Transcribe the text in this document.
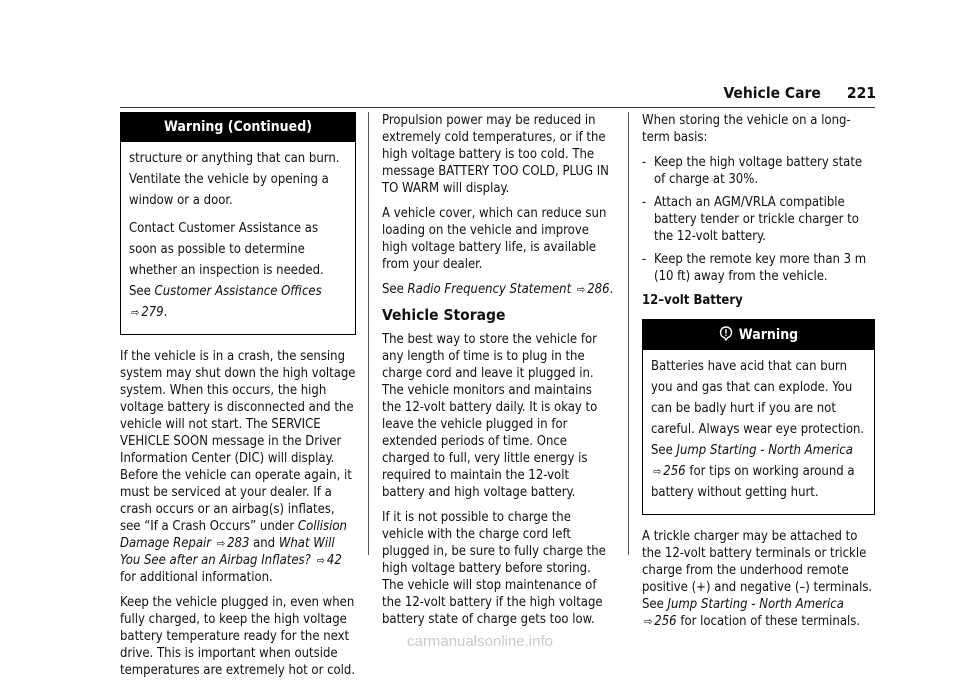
Vehicle Care 221
Warning (Continued)

structure or anything that can burn. Ventilate the vehicle by opening a window or a door.

Contact Customer Assistance as soon as possible to determine whether an inspection is needed. See Customer Assistance Offices ⇨ 279.

If the vehicle is in a crash, the sensing system may shut down the high voltage system. When this occurs, the high voltage battery is disconnected and the vehicle will not start. The SERVICE VEHICLE SOON message in the Driver Information Center (DIC) will display. Before the vehicle can operate again, it must be serviced at your dealer. If a crash occurs or an airbag(s) inflates, see “If a Crash Occurs” under Collision Damage Repair ⇨ 283 and What Will You See after an Airbag Inflates? ⇨ 42 for additional information.

Keep the vehicle plugged in, even when fully charged, to keep the high voltage battery temperature ready for the next drive. This is important when outside temperatures are extremely hot or cold.

Propulsion power may be reduced in extremely cold temperatures, or if the high voltage battery is too cold. The message BATTERY TOO COLD, PLUG IN TO WARM will display.

A vehicle cover, which can reduce sun loading on the vehicle and improve high voltage battery life, is available from your dealer.

See Radio Frequency Statement ⇨ 286.

Vehicle Storage

The best way to store the vehicle for any length of time is to plug in the charge cord and leave it plugged in. The vehicle monitors and maintains the 12-volt battery daily. It is okay to leave the vehicle plugged in for extended periods of time. Once charged to full, very little energy is required to maintain the 12-volt battery and high voltage battery.

If it is not possible to charge the vehicle with the charge cord left plugged in, be sure to fully charge the high voltage battery before storing. The vehicle will stop maintenance of the 12-volt battery if the high voltage battery state of charge gets too low.

When storing the vehicle on a long-term basis:

- Keep the high voltage battery state of charge at 30%.
- Attach an AGM/VRLA compatible battery tender or trickle charger to the 12-volt battery.
- Keep the remote key more than 3 m (10 ft) away from the vehicle.
12–volt Battery
Warning

Batteries have acid that can burn you and gas that can explode. You can be badly hurt if you are not careful. Always wear eye protection. See Jump Starting - North America ⇨ 256 for tips on working around a battery without getting hurt.

A trickle charger may be attached to the 12-volt battery terminals or trickle charge from the underhood remote positive (+) and negative (–) terminals. See Jump Starting - North America ⇨ 256 for location of these terminals.

carmanualsonline.info
